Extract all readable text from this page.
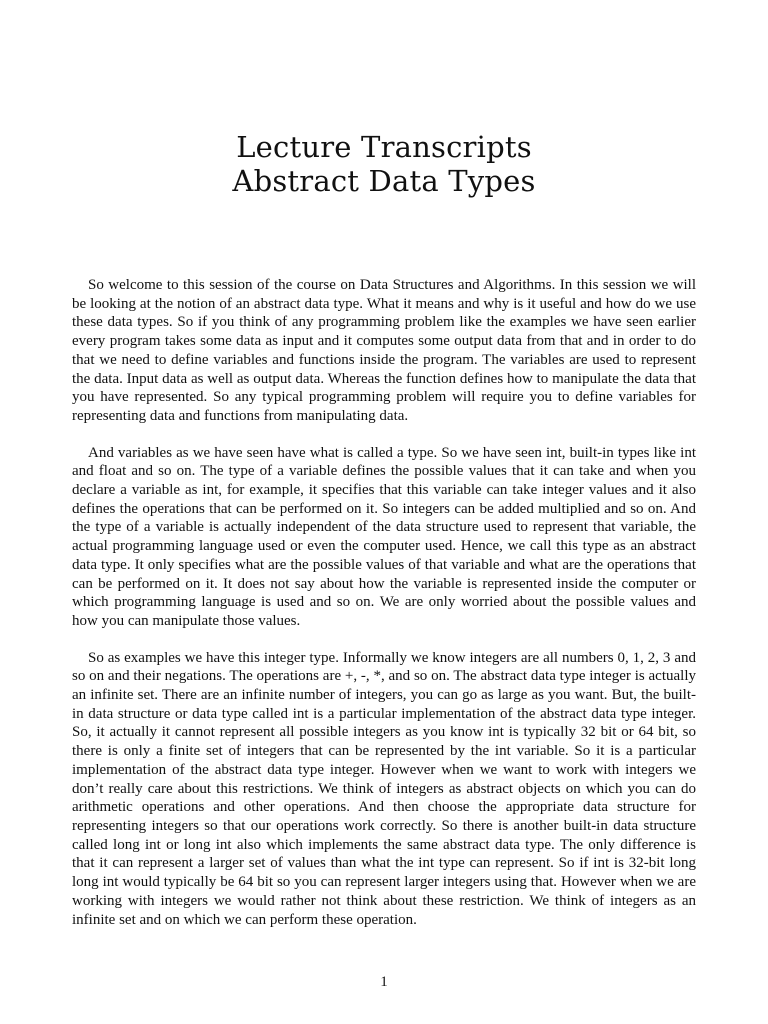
Lecture Transcripts
Abstract Data Types

So welcome to this session of the course on Data Structures and Algorithms. In this session we will be looking at the notion of an abstract data type. What it means and why is it useful and how do we use these data types. So if you think of any programming problem like the examples we have seen earlier every program takes some data as input and it computes some output data from that and in order to do that we need to define variables and functions inside the program. The variables are used to represent the data. Input data as well as output data. Whereas the function defines how to manipulate the data that you have represented. So any typical programming problem will require you to define variables for representing data and functions from manipulating data.

And variables as we have seen have what is called a type. So we have seen int, built-in types like int and float and so on. The type of a variable defines the possible values that it can take and when you declare a variable as int, for example, it specifies that this variable can take integer values and it also defines the operations that can be performed on it. So integers can be added multiplied and so on. And the type of a variable is actually independent of the data structure used to represent that variable, the actual programming language used or even the computer used. Hence, we call this type as an abstract data type. It only specifies what are the possible values of that variable and what are the operations that can be performed on it. It does not say about how the variable is represented inside the computer or which programming language is used and so on. We are only worried about the possible values and how you can manipulate those values.

So as examples we have this integer type. Informally we know integers are all numbers 0, 1, 2, 3 and so on and their negations. The operations are +, -, *, and so on. The abstract data type integer is actually an infinite set. There are an infinite number of integers, you can go as large as you want. But, the built-in data structure or data type called int is a particular implementation of the abstract data type integer. So, it actually it cannot represent all possible integers as you know int is typically 32 bit or 64 bit, so there is only a finite set of integers that can be represented by the int variable. So it is a particular implementation of the abstract data type integer. However when we want to work with integers we don’t really care about this restrictions. We think of integers as abstract objects on which you can do arithmetic operations and other operations. And then choose the appropriate data structure for representing integers so that our operations work correctly. So there is another built-in data structure called long int or long int also which implements the same abstract data type. The only difference is that it can represent a larger set of values than what the int type can represent. So if int is 32-bit long long int would typically be 64 bit so you can represent larger integers using that. However when we are working with integers we would rather not think about these restriction. We think of integers as an infinite set and on which we can perform these operation.

1
